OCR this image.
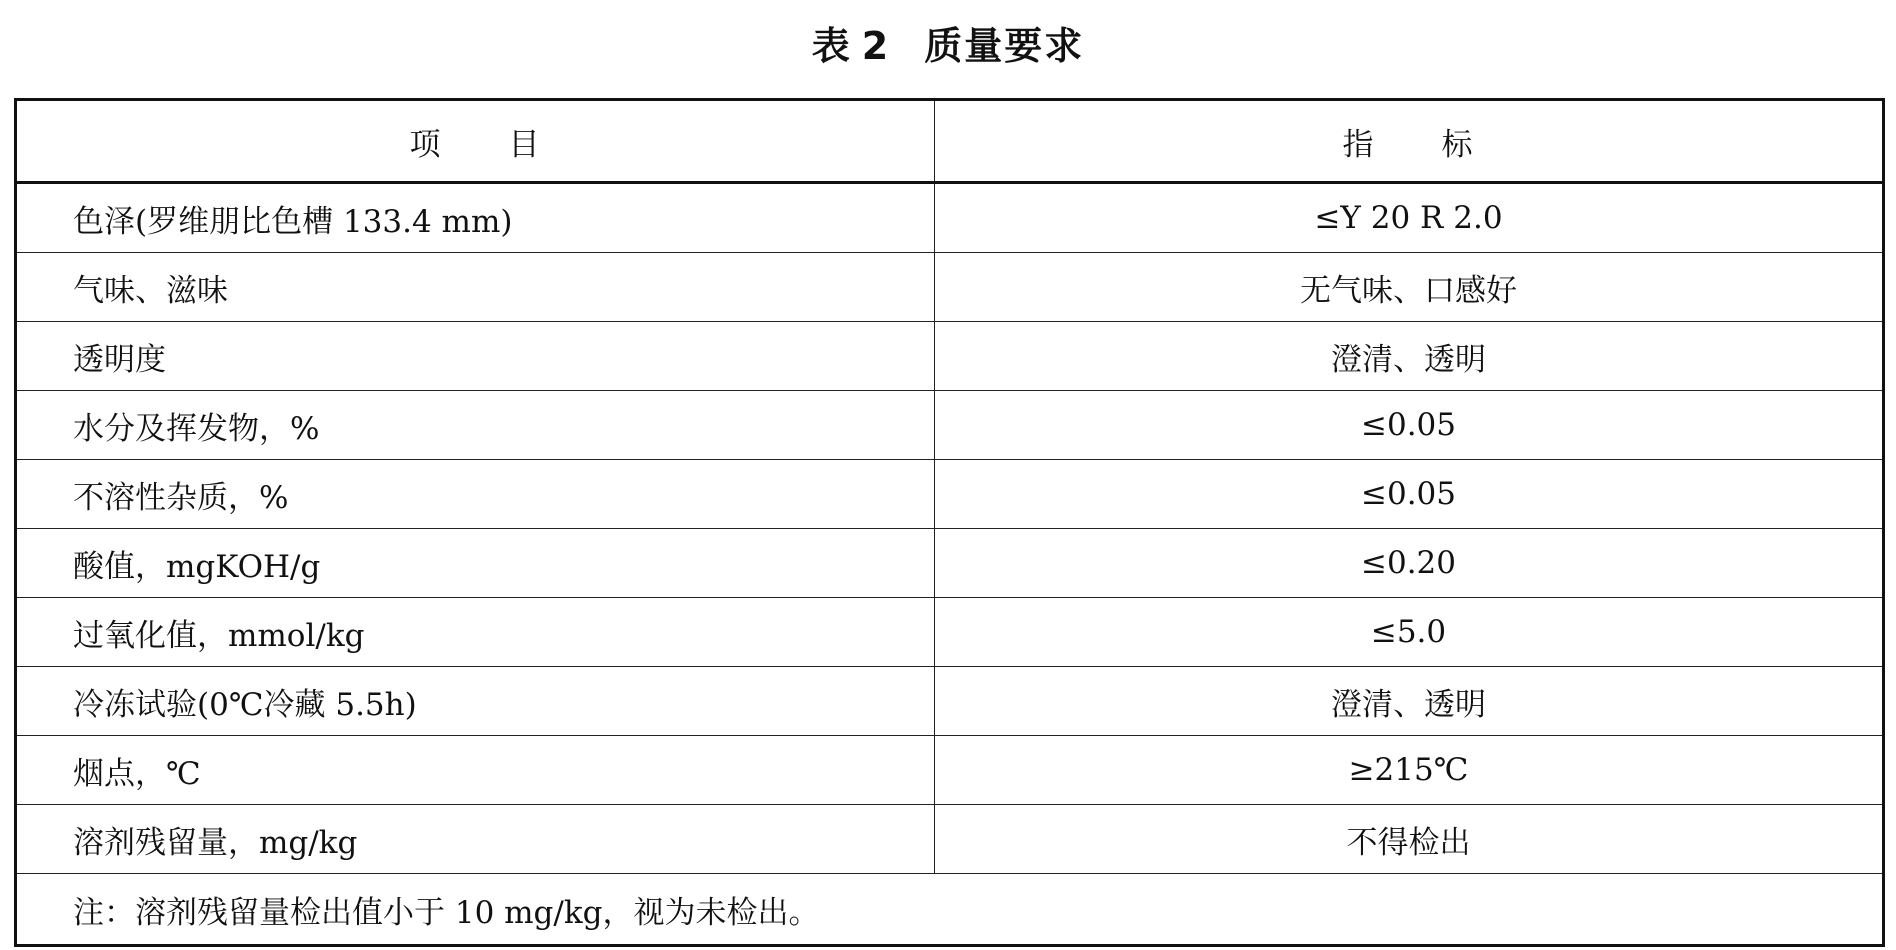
表 2 质量要求
项　　目	指　　标
色泽(罗维朋比色槽 133.4 mm)	≤Y 20 R 2.0
气味、滋味	无气味、口感好
透明度	澄清、透明
水分及挥发物，%	≤0.05
不溶性杂质，%	≤0.05
酸值，mgKOH/g	≤0.20
过氧化值，mmol/kg	≤5.0
冷冻试验(0℃冷藏 5.5h)	澄清、透明
烟点，℃	≥215℃
溶剂残留量，mg/kg	不得检出
注：溶剂残留量检出值小于 10 mg/kg，视为未检出。	
